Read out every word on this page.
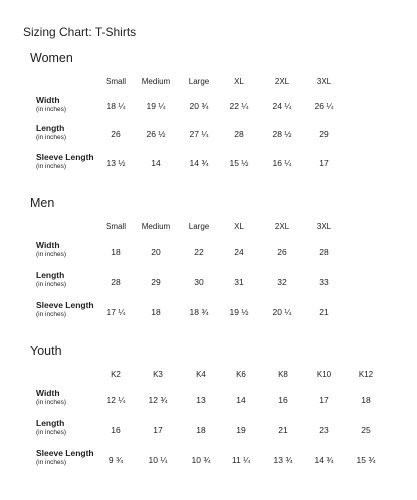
Sizing Chart: T-Shirts
Women
Small	Medium	Large	XL	2XL	3XL
Width
(in inches)	18 ¼	19 ¼	20 ¾	22 ¼	24 ¼	26 ¼
Length
(in inches)	26	26 ½	27 ¼	28	28 ½	29
Sleeve Length
(in inches)	13 ½	14	14 ¾	15 ½	16 ¼	17
Men
Small	Medium	Large	XL	2XL	3XL
Width
(in inches)	18	20	22	24	26	28
Length
(in inches)	28	29	30	31	32	33
Sleeve Length
(in inches)	17 ¼	18	18 ¾	19 ½	20 ¼	21
Youth
K2	K3	K4	K6	K8	K10	K12
Width
(in inches)	12 ¼	12 ¾	13	14	16	17	18
Length
(in inches)	16	17	18	19	21	23	25
Sleeve Length
(in inches)	9 ¾	10 ¼	10 ¾	11 ¼	13 ¾	14 ¾	15 ¾
